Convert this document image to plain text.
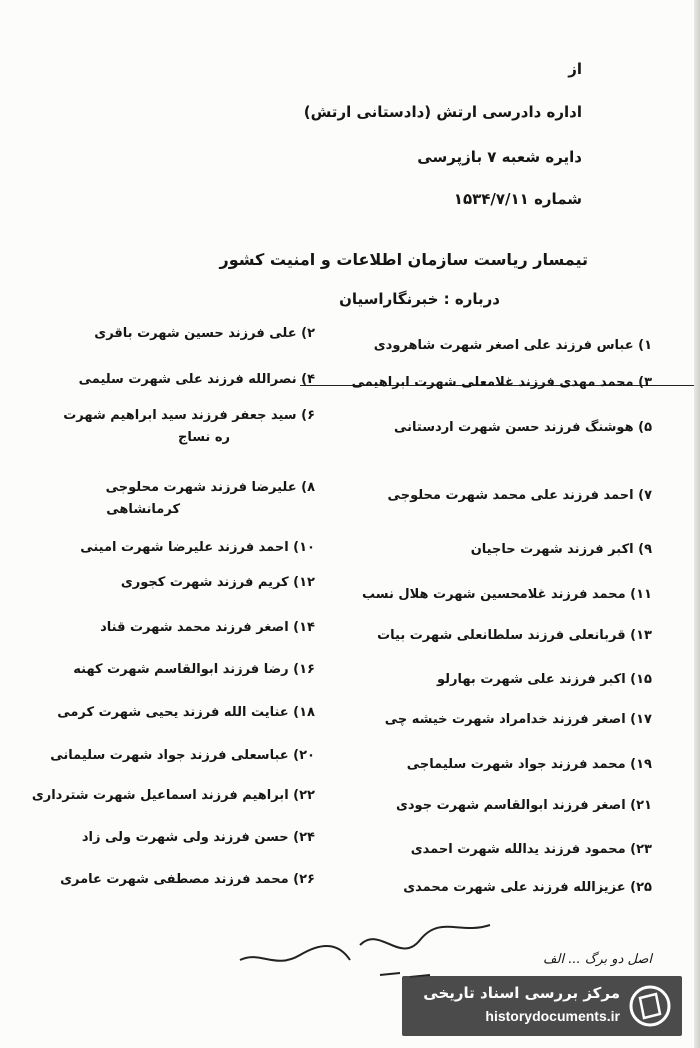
از
اداره دادرسی ارتش (دادستانی ارتش)
دایره شعبه ۷ بازپرسی
شماره ۱۵۳۴/۷/۱۱
تیمسار ریاست سازمان اطلاعات و امنیت کشور
درباره : خبرنگاراسیان
۱) عباس فرزند علی اصغر شهرت شاهرودی
۳) محمد مهدی فرزند غلامعلی شهرت ابراهیمی
۵) هوشنگ فرزند حسن شهرت اردستانی
۷) احمد فرزند علی محمد شهرت محلوجی
۹) اکبر فرزند شهرت حاجیان
۱۱) محمد فرزند غلامحسین شهرت هلال نسب
۱۳) قربانعلی فرزند سلطانعلی شهرت بیات
۱۵) اکبر فرزند علی شهرت بهارلو
۱۷) اصغر فرزند خدامراد شهرت خیشه چی
۱۹) محمد فرزند جواد شهرت سلیماجی
۲۱) اصغر فرزند ابوالقاسم شهرت جودی
۲۳) محمود فرزند یدالله شهرت احمدی
۲۵) عزیزالله فرزند علی شهرت محمدی
۲) علی فرزند حسین شهرت باقری
۴) نصرالله فرزند علی شهرت سلیمی
۶) سید جعفر فرزند سید ابراهیم شهرت
ره نساج
۸) علیرضا فرزند شهرت محلوجی
کرمانشاهی
۱۰) احمد فرزند علیرضا شهرت امینی
۱۲) کریم فرزند شهرت کجوری
۱۴) اصغر فرزند محمد شهرت قناد
۱۶) رضا فرزند ابوالقاسم شهرت کهنه
۱۸) عنایت الله فرزند یحیی شهرت کرمی
۲۰) عباسعلی فرزند جواد شهرت سلیمانی
۲۲) ابراهیم فرزند اسماعیل شهرت شترداری
۲۴) حسن فرزند ولی شهرت ولی زاد
۲۶) محمد فرزند مصطفی شهرت عامری
اصل دو برگ ... الف
مرکز بررسی اسناد تاریخی
historydocuments.ir
